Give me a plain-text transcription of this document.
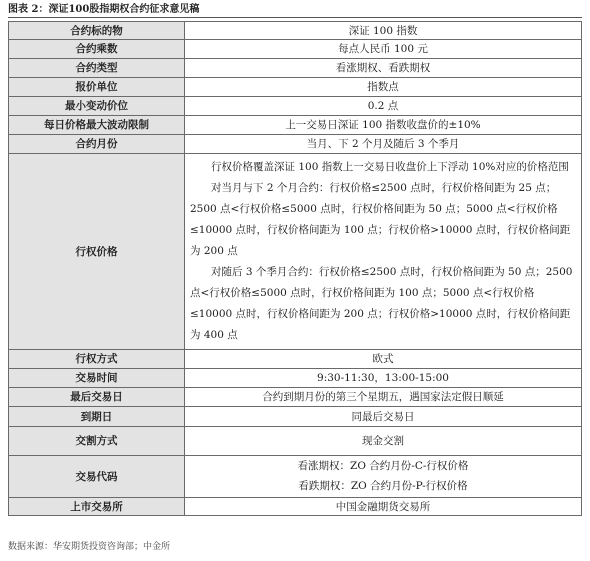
图表 2：深证100股指期权合约征求意见稿
合约标的物	深证 100 指数
合约乘数	每点人民币 100 元
合约类型	看涨期权、看跌期权
报价单位	指数点
最小变动价位	0.2 点
每日价格最大波动限制	上一交易日深证 100 指数收盘价的±10%
合约月份	当月、下 2 个月及随后 3 个季月
行权价格	行权价格覆盖深证 100 指数上一交易日收盘价上下浮动 10%对应的价格范围
对当月与下 2 个月合约：行权价格≤2500 点时，行权价格间距为 25 点；2500 点<行权价格≤5000 点时，行权价格间距为 50 点；5000 点<行权价格≤10000 点时，行权价格间距为 100 点；行权价格>10000 点时，行权价格间距为 200 点
对随后 3 个季月合约：行权价格≤2500 点时，行权价格间距为 50 点；2500 点<行权价格≤5000 点时，行权价格间距为 100 点；5000 点<行权价格≤10000 点时，行权价格间距为 200 点；行权价格>10000 点时，行权价格间距为 400 点

行权方式	欧式
交易时间	9:30-11:30，13:00-15:00
最后交易日	合约到期月份的第三个星期五，遇国家法定假日顺延
到期日	同最后交易日
交割方式	现金交割
交易代码	看涨期权：ZO 合约月份-C-行权价格
看跌期权：ZO 合约月份-P-行权价格

上市交易所	中国金融期货交易所
数据来源：华安期货投资咨询部；中金所
